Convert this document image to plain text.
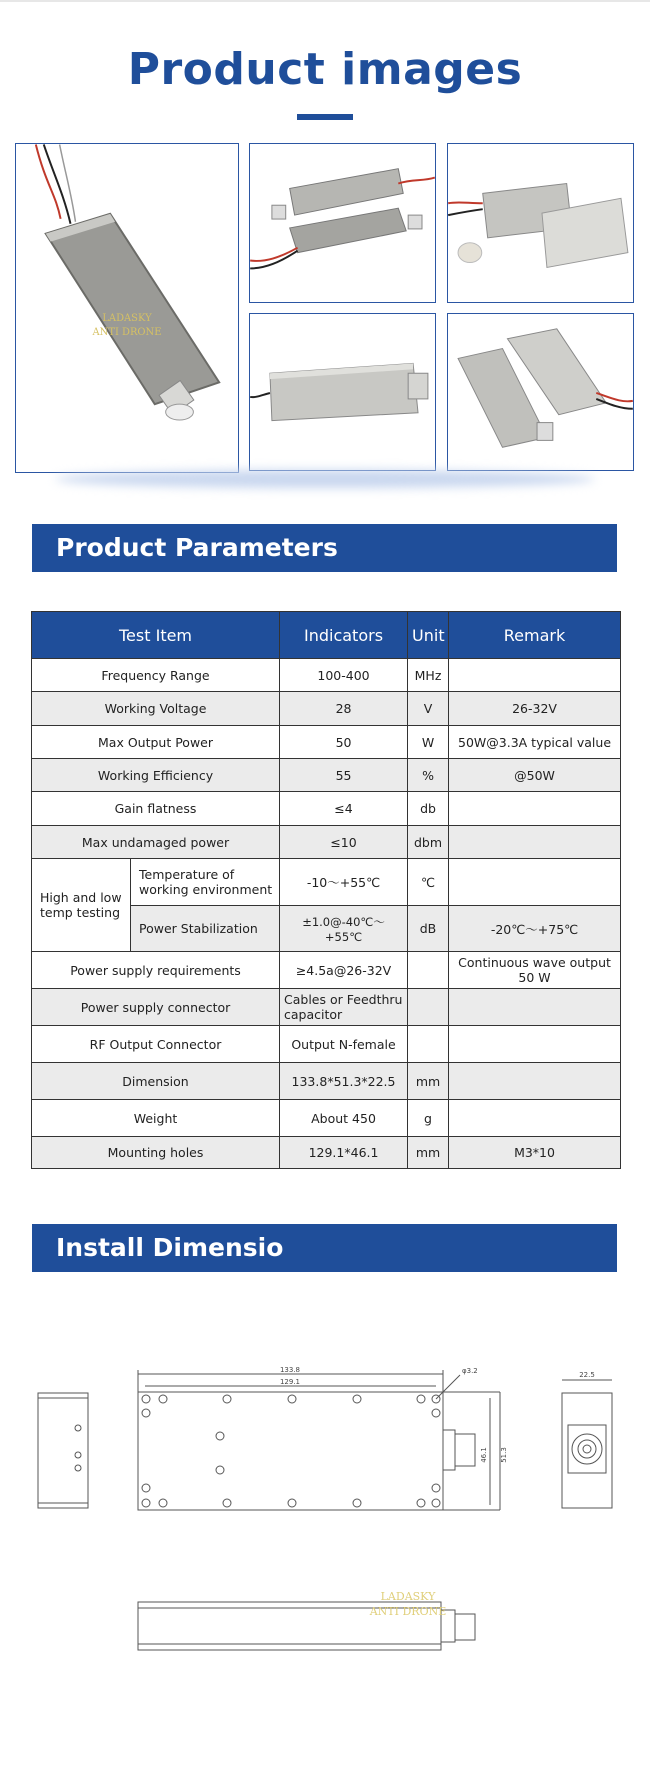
Product images
LADASKY
ANTI DRONE
Product Parameters
Test Item		Indicators	Unit	Remark
Frequency Range		100-400	MHz	
Working Voltage		28	V	26-32V
Max Output Power		50	W	50W@3.3A typical value
Working Efficiency		55	%	@50W
Gain flatness		≤4	db	
Max undamaged power		≤10	dbm	
High and low temp testing	Temperature of working environment	-10～+55℃	℃	
	Power Stabilization	±1.0@-40℃～+55℃	dB	-20℃～+75℃
Power supply requirements		≥4.5a@26-32V		Continuous wave output 50 W
Power supply connector		Cables or Feedthru capacitor		
RF Output Connector		Output N-female		
Dimension		133.8*51.3*22.5	mm	
Weight		About 450	g	
Mounting holes		129.1*46.1	mm	M3*10
Install Dimensio
133.8
129.1
φ3.2
46.1 51.3
22.5
LADASKY
ANTI DRONE
